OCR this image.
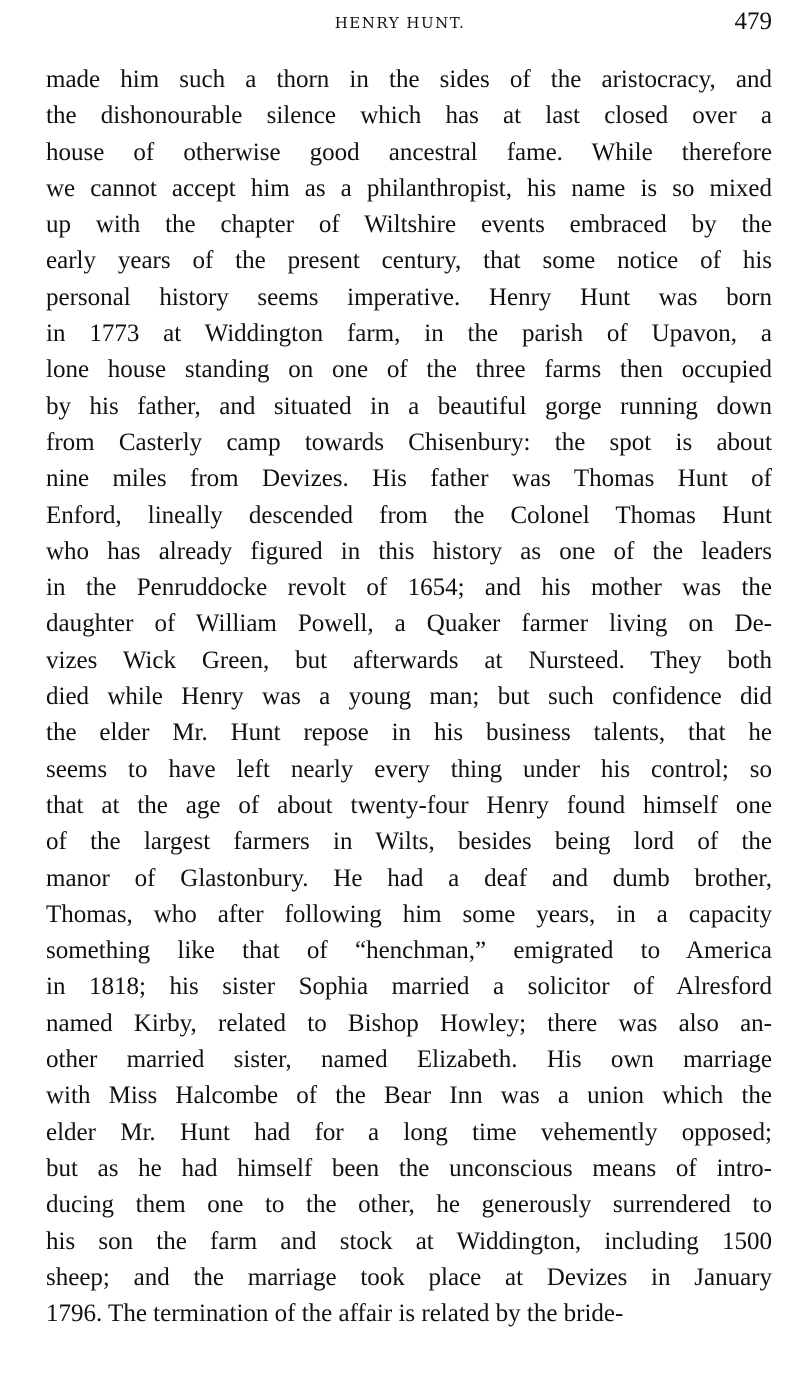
HENRY HUNT.	479
made him such a thorn in the sides of the aristocracy, and
the dishonourable silence which has at last closed over a
house of otherwise good ancestral fame. While therefore
we cannot accept him as a philanthropist, his name is so mixed
up with the chapter of Wiltshire events embraced by the
early years of the present century, that some notice of his
personal history seems imperative. Henry Hunt was born
in 1773 at Widdington farm, in the parish of Upavon, a
lone house standing on one of the three farms then occupied
by his father, and situated in a beautiful gorge running down
from Casterly camp towards Chisenbury: the spot is about
nine miles from Devizes. His father was Thomas Hunt of
Enford, lineally descended from the Colonel Thomas Hunt
who has already figured in this history as one of the leaders
in the Penruddocke revolt of 1654; and his mother was the
daughter of William Powell, a Quaker farmer living on De-
vizes Wick Green, but afterwards at Nursteed. They both
died while Henry was a young man; but such confidence did
the elder Mr. Hunt repose in his business talents, that he
seems to have left nearly every thing under his control; so
that at the age of about twenty-four Henry found himself one
of the largest farmers in Wilts, besides being lord of the
manor of Glastonbury. He had a deaf and dumb brother,
Thomas, who after following him some years, in a capacity
something like that of “henchman,” emigrated to America
in 1818; his sister Sophia married a solicitor of Alresford
named Kirby, related to Bishop Howley; there was also an-
other married sister, named Elizabeth. His own marriage
with Miss Halcombe of the Bear Inn was a union which the
elder Mr. Hunt had for a long time vehemently opposed;
but as he had himself been the unconscious means of intro-
ducing them one to the other, he generously surrendered to
his son the farm and stock at Widdington, including 1500
sheep; and the marriage took place at Devizes in January
1796. The termination of the affair is related by the bride-
